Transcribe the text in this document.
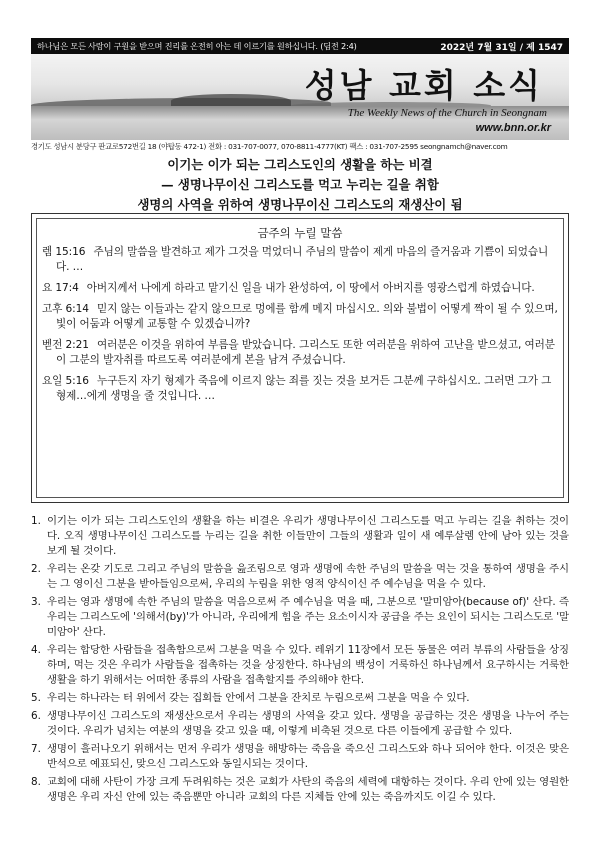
하나님은 모든 사람이 구원을 받으며 진리를 온전히 아는 데 이르기를 원하십니다. (딤전 2:4)	2022년 7월 31일 / 제 1547
성남 교회 소식
The Weekly News of the Church in Seongnam
www.bnn.or.kr
경기도 성남시 분당구 판교로572번길 18 (야탑동 472-1) 전화 : 031-707-0077, 070-8811-4777(KT) 팩스 : 031-707-2595 seongnamch@naver.com
이기는 이가 되는 그리스도인의 생활을 하는 비결
— 생명나무이신 그리스도를 먹고 누리는 길을 취함
생명의 사역을 위하여 생명나무이신 그리스도의 재생산이 됨
금주의 누릴 말씀
렘 15:16 주님의 말씀을 발견하고 제가 그것을 먹었더니 주님의 말씀이 제게 마음의 즐거움과 기쁨이 되었습니다. …
요 17:4 아버지께서 나에게 하라고 맡기신 일을 내가 완성하여, 이 땅에서 아버지를 영광스럽게 하였습니다.
고후 6:14 믿지 않는 이들과는 같지 않으므로 멍에를 함께 메지 마십시오. 의와 불법이 어떻게 짝이 될 수 있으며, 빛이 어둠과 어떻게 교통할 수 있겠습니까?
벧전 2:21 여러분은 이것을 위하여 부름을 받았습니다. 그리스도 또한 여러분을 위하여 고난을 받으셨고, 여러분이 그분의 발자취를 따르도록 여러분에게 본을 남겨 주셨습니다.
요일 5:16 누구든지 자기 형제가 죽음에 이르지 않는 죄를 짓는 것을 보거든 그분께 구하십시오. 그러면 그가 그 형제…에게 생명을 줄 것입니다. …
1. 이기는 이가 되는 그리스도인의 생활을 하는 비결은 우리가 생명나무이신 그리스도를 먹고 누리는 길을 취하는 것이다. 오직 생명나무이신 그리스도를 누리는 길을 취한 이들만이 그들의 생활과 일이 새 예루살렘 안에 남아 있는 것을 보게 될 것이다.
2. 우리는 온갖 기도로 그리고 주님의 말씀을 읊조림으로 영과 생명에 속한 주님의 말씀을 먹는 것을 통하여 생명을 주시는 그 영이신 그분을 받아들임으로써, 우리의 누림을 위한 영적 양식이신 주 예수님을 먹을 수 있다.
3. 우리는 영과 생명에 속한 주님의 말씀을 먹음으로써 주 예수님을 먹을 때, 그분으로 '말미암아(because of)' 산다. 즉 우리는 그리스도에 '의해서(by)'가 아니라, 우리에게 힘을 주는 요소이시자 공급을 주는 요인이 되시는 그리스도로 '말미암아' 산다.
4. 우리는 합당한 사람들을 접촉함으로써 그분을 먹을 수 있다. 레위기 11장에서 모든 동물은 여러 부류의 사람들을 상징하며, 먹는 것은 우리가 사람들을 접촉하는 것을 상징한다. 하나님의 백성이 거룩하신 하나님께서 요구하시는 거룩한 생활을 하기 위해서는 어떠한 종류의 사람을 접촉할지를 주의해야 한다.
5. 우리는 하나라는 터 위에서 갖는 집회들 안에서 그분을 잔치로 누림으로써 그분을 먹을 수 있다.
6. 생명나무이신 그리스도의 재생산으로서 우리는 생명의 사역을 갖고 있다. 생명을 공급하는 것은 생명을 나누어 주는 것이다. 우리가 넘치는 여분의 생명을 갖고 있을 때, 이렇게 비축된 것으로 다른 이들에게 공급할 수 있다.
7. 생명이 흘러나오기 위해서는 먼저 우리가 생명을 해방하는 죽음을 죽으신 그리스도와 하나 되어야 한다. 이것은 맞은 반석으로 예표되신, 맞으신 그리스도와 동일시되는 것이다.
8. 교회에 대해 사탄이 가장 크게 두려워하는 것은 교회가 사탄의 죽음의 세력에 대항하는 것이다. 우리 안에 있는 영원한 생명은 우리 자신 안에 있는 죽음뿐만 아니라 교회의 다른 지체들 안에 있는 죽음까지도 이길 수 있다.
